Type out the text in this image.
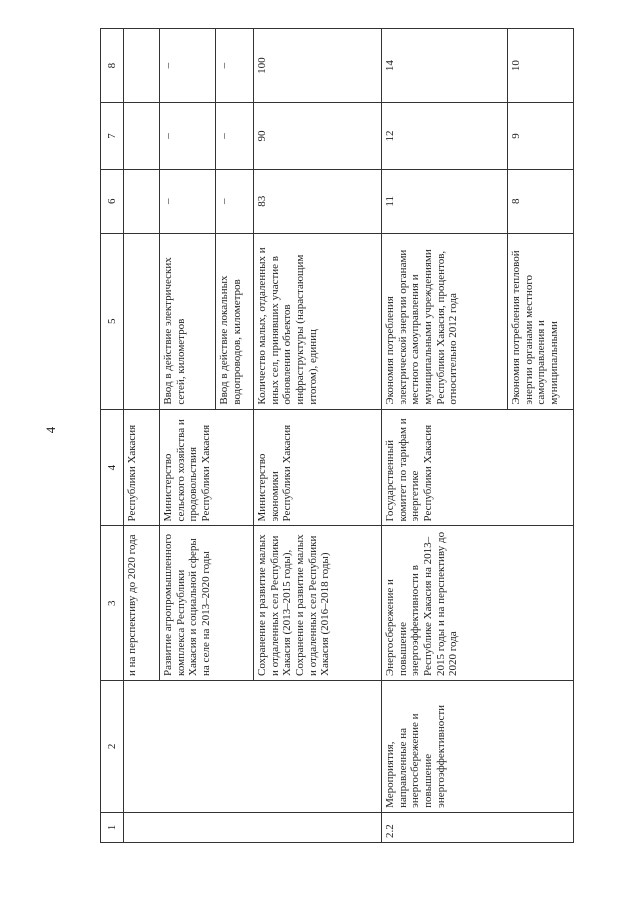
4
1	2	3	4	5	6	7	8
		и на перспективу до 2020 года	Республики Хакасия				
		Развитие агропромышленного комплекса Республики Хакасия и социальной сферы на селе на 2013–2020 годы	Министерство сельского хозяйства и продовольствия Республики Хакасия	Ввод в действие электрических сетей, километров	–	–	–
				Ввод в действие локальных водопроводов, километров	–	–	–
		Сохранение и развитие малых и отдаленных сел Республики Хакасия (2013–2015 годы), Сохранение и развитие малых и отдаленных сел Республики Хакасия (2016–2018 годы)	Министерство экономики Республики Хакасия	Количество малых, отдаленных и иных сел, принявших участие в обновлении объектов инфраструктуры (нарастающим итогом), единиц	83	90	100
2.2	Мероприятия, направленные на энергосбережение и повышение энергоэффективности	Энергосбережение и повышение энергоэффективности в Республике Хакасия на 2013–2015 годы и на перспективу до 2020 года	Государственный комитет по тарифам и энергетике Республики Хакасия	Экономия потребления электрической энергии органами местного самоуправления и муниципальными учреждениями Республики Хакасия, процентов, относительно 2012 года	11	12	14
				Экономия потребления тепловой энергии органами местного самоуправления и муниципальными	8	9	10
